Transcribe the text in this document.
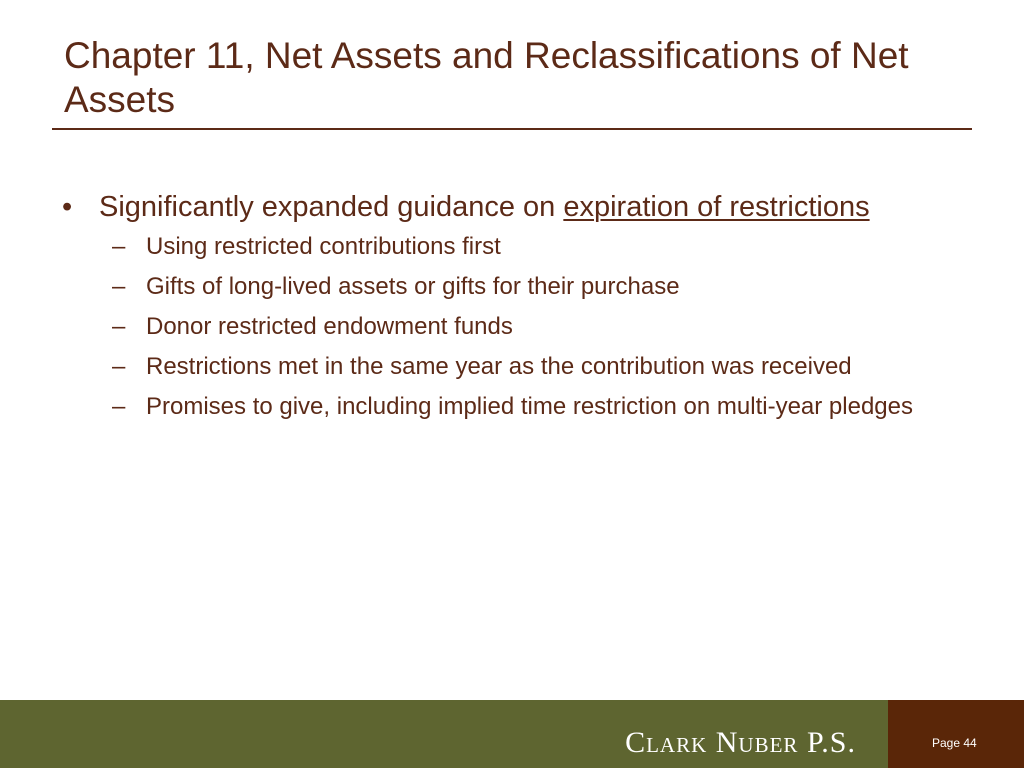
Chapter 11, Net Assets and Reclassifications of Net Assets
• Significantly expanded guidance on expiration of restrictions
– Using restricted contributions first
– Gifts of long-lived assets or gifts for their purchase
– Donor restricted endowment funds
– Restrictions met in the same year as the contribution was received
– Promises to give, including implied time restriction on multi-year pledges
Clark Nuber P.S.	Page 44
